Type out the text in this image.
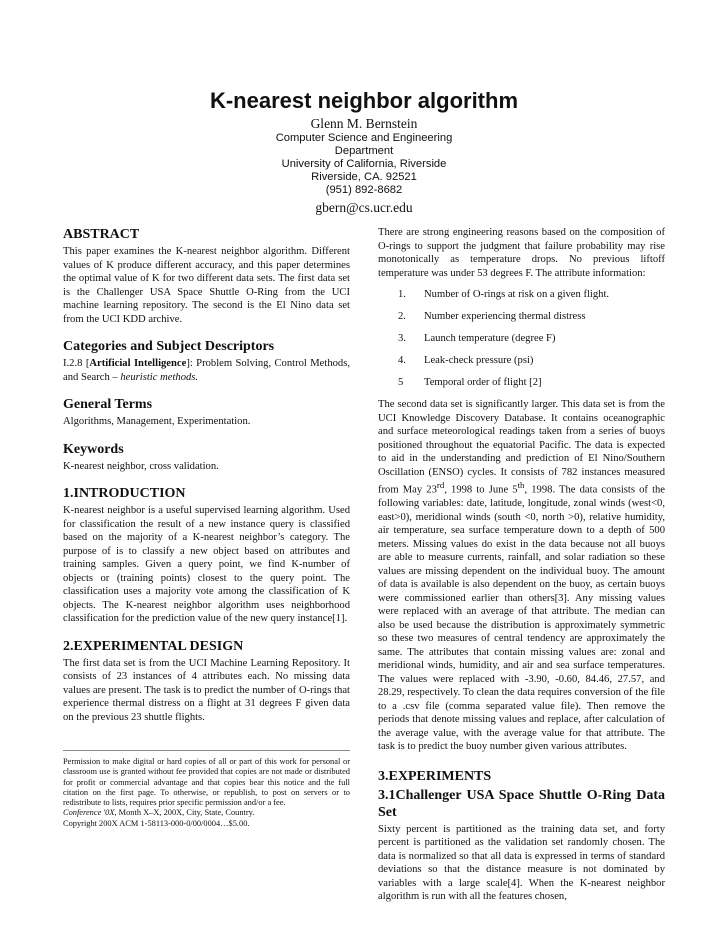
K-nearest neighbor algorithm
Glenn M. Bernstein
Computer Science and Engineering
Department
University of California, Riverside
Riverside, CA. 92521
(951) 892-8682
gbern@cs.ucr.edu
ABSTRACT

This paper examines the K-nearest neighbor algorithm. Different values of K produce different accuracy, and this paper determines the optimal value of K for two different data sets. The first data set is the Challenger USA Space Shuttle O-Ring from the UCI machine learning repository. The second is the El Nino data set from the UCI KDD archive.

Categories and Subject Descriptors

I.2.8 [Artificial Intelligence]: Problem Solving, Control Methods, and Search – heuristic methods.

General Terms

Algorithms, Management, Experimentation.

Keywords

K-nearest neighbor, cross validation.

1.INTRODUCTION

K-nearest neighbor is a useful supervised learning algorithm. Used for classification the result of a new instance query is classified based on the majority of a K-nearest neighbor’s category. The purpose of is to classify a new object based on attributes and training samples. Given a query point, we find K-number of objects or (training points) closest to the query point. The classification uses a majority vote among the classification of K objects. The K-nearest neighbor algorithm uses neighborhood classification for the prediction value of the new query instance[1].

2.EXPERIMENTAL DESIGN

The first data set is from the UCI Machine Learning Repository. It consists of 23 instances of 4 attributes each. No missing data values are present. The task is to predict the number of O-rings that experience thermal distress on a flight at 31 degrees F given data on the previous 23 shuttle flights.

Permission to make digital or hard copies of all or part of this work for personal or classroom use is granted without fee provided that copies are not made or distributed for profit or commercial advantage and that copies bear this notice and the full citation on the first page. To otherwise, or republish, to post on servers or to redistribute to lists, requires prior specific permission and/or a fee.

Conference '0X, Month X–X, 200X, City, State, Country.

Copyright 200X ACM 1-58113-000-0/00/0004…$5.00.

There are strong engineering reasons based on the composition of O-rings to support the judgment that failure probability may rise monotonically as temperature drops. No previous liftoff temperature was under 53 degrees F. The attribute information:

1.	Number of O-rings at risk on a given flight.
2.	Number experiencing thermal distress
3.	Launch temperature (degree F)
4.	Leak-check pressure (psi)
5	Temporal order of flight [2]

The second data set is significantly larger. This data set is from the UCI Knowledge Discovery Database. It contains oceanographic and surface meteorological readings taken from a series of buoys positioned throughout the equatorial Pacific. The data is expected to aid in the understanding and prediction of El Nino/Southern Oscillation (ENSO) cycles. It consists of 782 instances measured from May 23rd, 1998 to June 5th, 1998. The data consists of the following variables: date, latitude, longitude, zonal winds (west<0, east>0), meridional winds (south <0, north >0), relative humidity, air temperature, sea surface temperature down to a depth of 500 meters. Missing values do exist in the data because not all buoys are able to measure currents, rainfall, and solar radiation so these values are missing dependent on the individual buoy. The amount of data is available is also dependent on the buoy, as certain buoys were commissioned earlier than others[3]. Any missing values were replaced with an average of that attribute. The median can also be used because the distribution is approximately symmetric so these two measures of central tendency are approximately the same. The attributes that contain missing values are: zonal and meridional winds, humidity, and air and sea surface temperatures. The values were replaced with -3.90, -0.60, 84.46, 27.57, and 28.29, respectively. To clean the data requires conversion of the file to a .csv file (comma separated value file). Then remove the periods that denote missing values and replace, after calculation of the average value, with the average value for that attribute. The task is to predict the buoy number given various attributes.

3.EXPERIMENTS
3.1Challenger USA Space Shuttle O-Ring Data Set

Sixty percent is partitioned as the training data set, and forty percent is partitioned as the validation set randomly chosen. The data is normalized so that all data is expressed in terms of standard deviations so that the distance measure is not dominated by variables with a large scale[4]. When the K-nearest neighbor algorithm is run with all the features chosen,
